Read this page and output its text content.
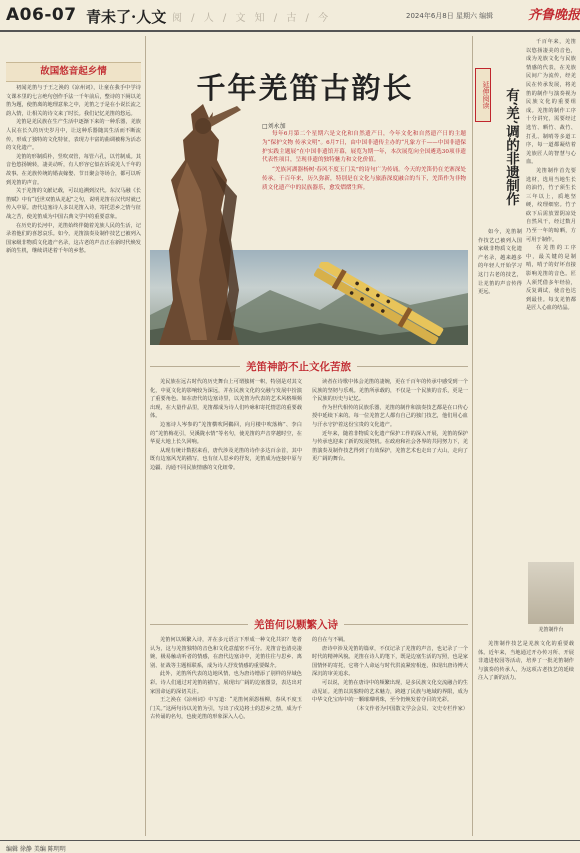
A06-07 青未了·人文 阅 / 人 / 文 知 / 古 / 今	2024年6月8日 星期六 编辑	齐鲁晚报
故国悠音起乡情

初闻羌笛与于王之涣的《凉州词》，让童在我手中学诗文课本里的七言绝句创作手法一千年前后，整诗的下阕以羌笛为题，使笛离的地理意象之中，羌笛之于是在小说长流之韵入情，让相关的诗文来了时长。我们记忆羌笛的悠远。

羌笛是羌民族在生产生活中逐渐下来的一种乐器，羌族人民在长久的历史岁月中，让这种乐器随其生活而不断流传，形成了独特的文化特征，表现力丰富的曲调被称为活态的文化遗产。

羌笛的形制质朴，竖吹双管，每管六孔，以竹制成。其音色悠扬婉转，凄美动听，有人形容它似在诉说羌人千年的故事。在羌族传统的婚丧嫁娶、节日聚会等场合，都可以听到羌笛的声音。

关于羌笛的文献记载，可以追溯到汉代。东汉马融《长笛赋》中有“近世双笛从羌起”之句，说明羌笛在汉代时就已传入中原。唐代边塞诗人多以羌笛入诗，寄托思乡之情与征战之苦，使羌笛成为中国古典文学中的重要意象。

在历史的长河中，羌笛始终伴随着羌族人民的生活，记录着他们的喜怒哀乐。如今，羌笛演奏及制作技艺已被列入国家级非物质文化遗产名录，这古老的声音正在新时代焕发新的生机，继续讲述着千年的乡愁。

千年羌笛古韵长
□刘永加

每年6月第二个星期六是文化和自然遗产日，今年文化和自然遗产日的主题为“保护文物 传承文明”。6月7日，由中国非遗传主办的“凡象方千——中国非遗保护实践主题展”在中国非遗馆开幕，展览为期一年，本次展览向全国遴选30项非遗代表性项目，呈现非遗的独特魅力和文化价值。

“羌族河湖器杨树·春风不度玉门关”的诗句广为传诵。今天的羌笛仍在羌寨深处传承。千百年来，历久弥新，特别是在文化与旅游深度融合的当下，羌笛作为非物质文化遗产中的民族器乐，愈发熠熠生辉。

延伸阅读 有‘羌’调的非遗制作

千百年来，羌笛以悠扬凄美的音色，成为羌族文化与民族情感的代表，在羌族民间广为流传，经羌民在传承发展，将羌笛的制作与演奏视为民族文化的重要组成。羌笛的制作工序十分讲究，需要经过选竹、晒竹、裁竹、打孔、制哨等多道工序，每一道都凝结着羌族匠人的智慧与心血。

羌笛制作首先要选材，选用当地生长的油竹，竹子须生长三年以上，质地坚硬，纹理细密。竹子砍下后需放置阴凉处自然风干，经过数月乃至一年的晾晒，方可用于制作。

在羌笛的工序中，最关键的是制哨，哨子的好坏直接影响羌笛的音色。匠人须凭借多年经验，反复调试，使音色达到最佳。每支羌笛都是匠人心血的结晶。

如今，羌笛制作技艺已被列入国家级非物质文化遗产名录，越来越多的年轻人开始学习这门古老的技艺，让羌笛的声音传得更远。

羌笛制作台

羌笛制作技艺是羌族文化的重要载体。近年来，当地通过开办传习所、开展非遗进校园等活动，培养了一批羌笛制作与演奏的传承人，为这项古老技艺的延续注入了新的活力。

羌笛神韵不止文化苦旅

羌民族在远古时代的历史舞台上可谓独树一帜，特别是对其文化，中夏文化的影响较为深远，并在民族文化的交融与发展中扮演了重要角色。如在唐代的边塞诗里，以羌笛为代表的艺术风格频频出现，在大量作品里，羌笛都成为诗人们吟咏和寄托情思的重要载体。

边塞诗人岑参的“羌笛横吹阿鸐回，向月楼中吹落梅”、李白的“羌笛梅花引，吴溪陇水情”等名句，使羌笛的声音穿越时空，在华夏大地上长久回响。

从现有统计数据来看，唐代涉及羌笛的诗作多达百余首，其中既有边塞风光的描写，也有征人思乡的抒发，羌笛成为连接中原与边疆、沟通不同民族情感的文化纽带。

读者在诗歌中体会羌笛的凄婉，更在千百年的传承中感受到一个民族的坚韧与乐观。羌笛所承载的，不仅是一个民族的音乐，更是一个民族的历史与记忆。

作为世代相传的民族乐器，羌笛的制作和演奏技艺都是在口传心授中延续下来的。每一位羌笛艺人都有自己的独门技艺，他们用心血与汗水守护着这份宝贵的文化遗产。

近年来，随着非物质文化遗产保护工作的深入开展，羌笛的保护与传承也迎来了新的发展契机。在政府和社会各界的共同努力下，羌笛演奏及制作技艺得到了有效保护，羌笛艺术也走出了大山，走向了更广阔的舞台。

羌笛何以颗繁入诗

羌笛何以频繁入诗，并在多元语言下形成一种文化共识？笔者认为，这与羌笛独特的音色和文化意蕴密不可分。羌笛音色清亮凄婉，极易触动听者的情感，在唐代边塞诗中，羌笛往往与思乡、离别、征战等主题相联系，成为诗人抒发情感的重要媒介。

此外，羌笛所代表的边地风情，也为唐诗增添了别样的异域色彩。诗人们通过对羌笛的描写，展现出广阔的边塞图景，表达出对家国命运的深切关注。

王之涣在《凉州词》中写道：“羌笛何须怨杨柳，春风不度玉门关。”这两句诗以羌笛为引，写出了戍边将士的思乡之情，成为千古传诵的名句，也使羌笛的形象深入人心。

的自在与不羁。

唐诗中涉及羌笛的篇章，不仅记录了羌笛的声音，也记录了一个时代的精神风貌。羌笛在诗人的笔下，既是边塞生活的写照，也是家国情怀的寄托，它将个人命运与时代洪流紧密相连，体现出唐诗博大深沉的审美追求。

可以说，羌笛在唐诗中的频繁出现，是多民族文化交流融合的生动见证。羌笛以其独特的艺术魅力，跨越了民族与地域的界限，成为中华文化宝库中的一颗璀璨明珠，至今仍焕发着夺目的光彩。

（本文作者为中国散文学会会员、文史专栏作家）

编辑 徐静 美编 陈明明
